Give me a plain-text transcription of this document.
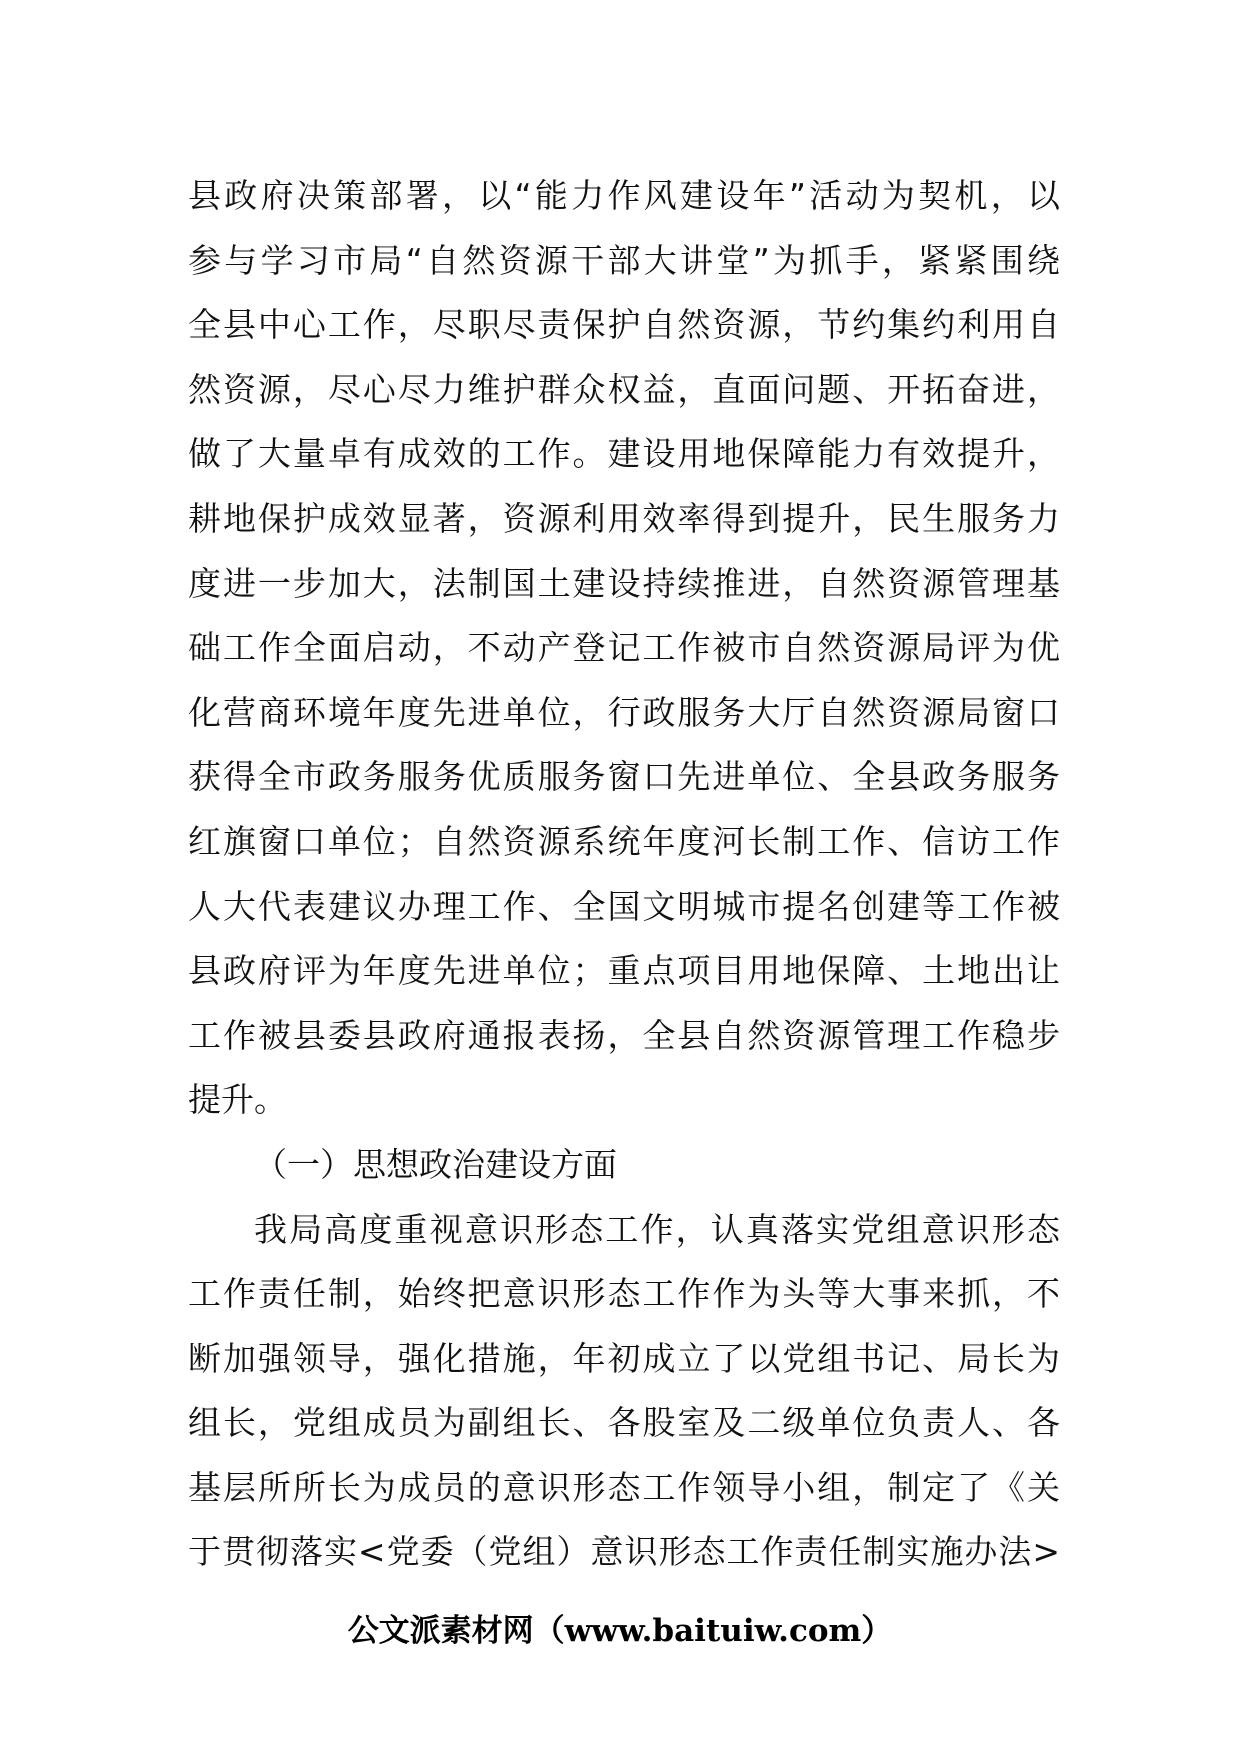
县政府决策部署，以“能力作风建设年”活动为契机，以
参与学习市局“自然资源干部大讲堂”为抓手，紧紧围绕
全县中心工作，尽职尽责保护自然资源，节约集约利用自
然资源，尽心尽力维护群众权益，直面问题、开拓奋进，
做了大量卓有成效的工作。建设用地保障能力有效提升，
耕地保护成效显著，资源利用效率得到提升，民生服务力
度进一步加大，法制国土建设持续推进，自然资源管理基
础工作全面启动，不动产登记工作被市自然资源局评为优
化营商环境年度先进单位，行政服务大厅自然资源局窗口
获得全市政务服务优质服务窗口先进单位、全县政务服务
红旗窗口单位；自然资源系统年度河长制工作、信访工作
人大代表建议办理工作、全国文明城市提名创建等工作被
县政府评为年度先进单位；重点项目用地保障、土地出让
工作被县委县政府通报表扬，全县自然资源管理工作稳步
提升。
（一）思想政治建设方面
我局高度重视意识形态工作，认真落实党组意识形态
工作责任制，始终把意识形态工作作为头等大事来抓，不
断加强领导，强化措施，年初成立了以党组书记、局长为
组长，党组成员为副组长、各股室及二级单位负责人、各
基层所所长为成员的意识形态工作领导小组，制定了《关
于贯彻落实<党委（党组）意识形态工作责任制实施办法>
公文派素材网（www.baituiw.com）
